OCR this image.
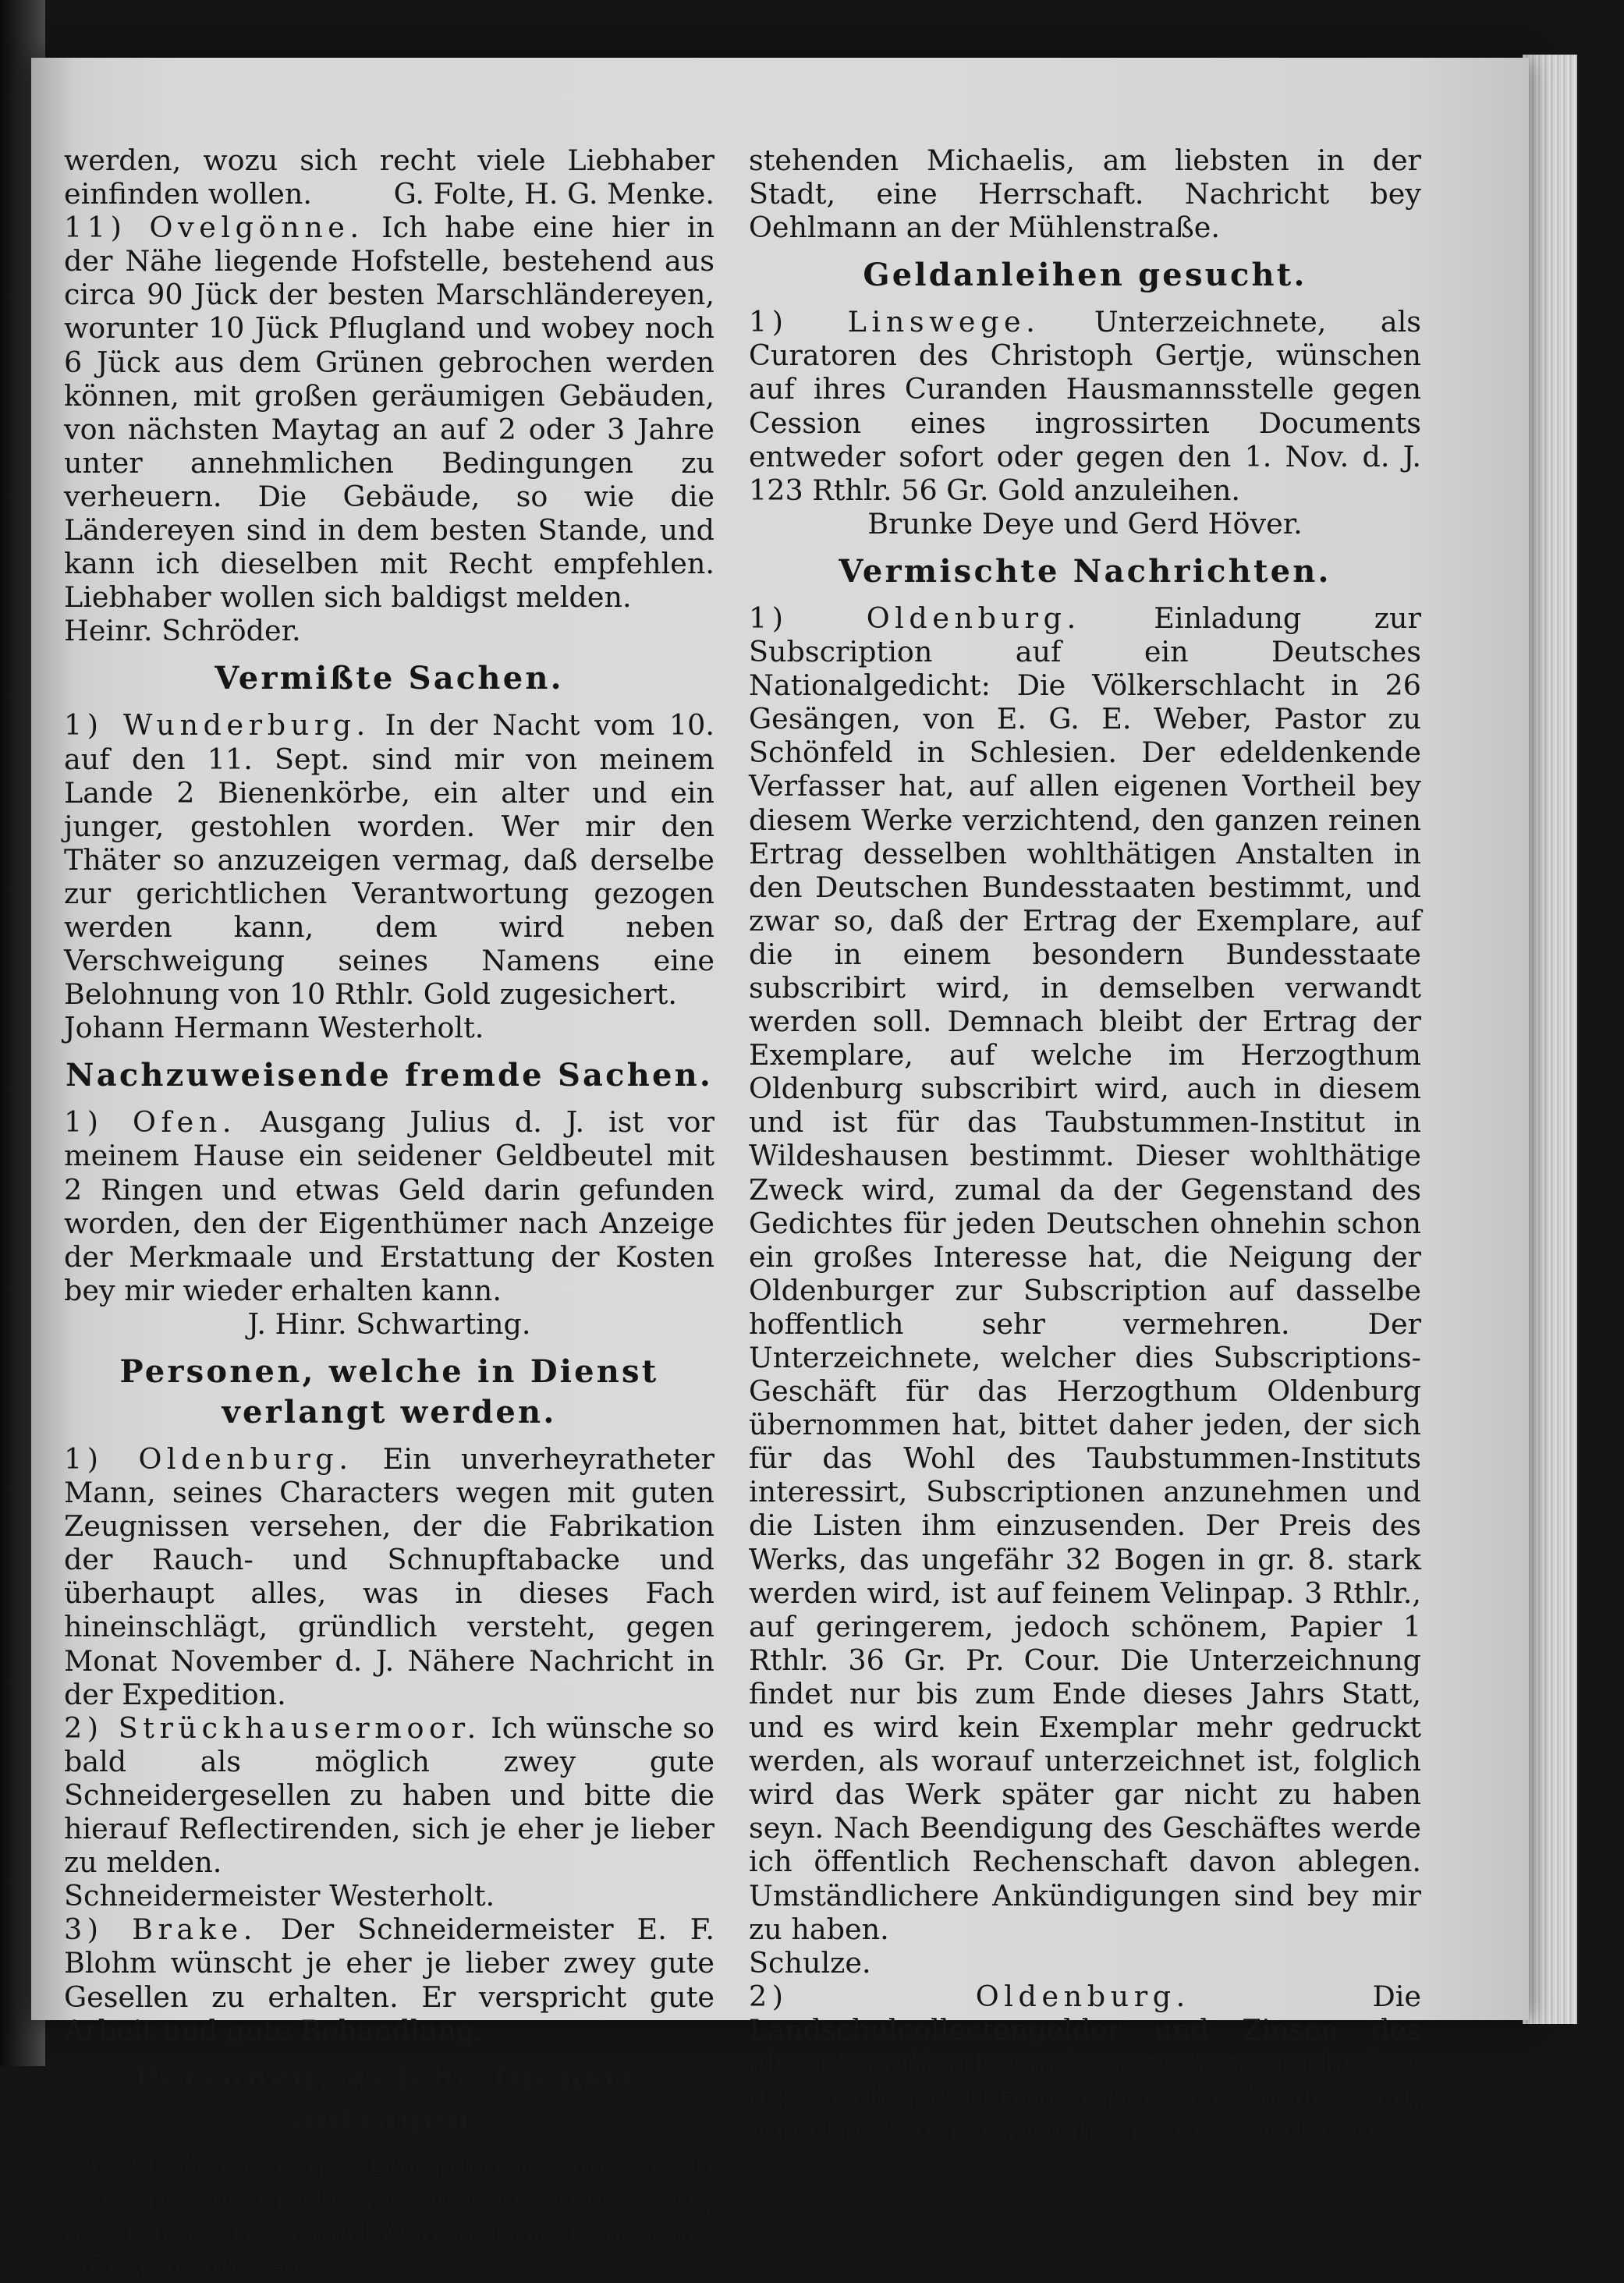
werden, wozu sich recht viele Liebhaber einfinden wollen.	G. Folte, H. G. Menke.

11) Ovelgönne. Ich habe eine hier in der Nähe liegende Hofstelle, bestehend aus circa 90 Jück der besten Marschländereyen, worunter 10 Jück Pflugland und wobey noch 6 Jück aus dem Grünen gebrochen werden können, mit großen geräumigen Gebäuden, von nächsten Maytag an auf 2 oder 3 Jahre unter annehmlichen Bedingungen zu verheuern. Die Gebäude, so wie die Ländereyen sind in dem besten Stande, und kann ich dieselben mit Recht empfehlen. Liebhaber wollen sich baldigst melden.

Heinr. Schröder.

Vermißte Sachen.

1) Wunderburg. In der Nacht vom 10. auf den 11. Sept. sind mir von meinem Lande 2 Bienenkörbe, ein alter und ein junger, gestohlen worden. Wer mir den Thäter so anzuzeigen vermag, daß derselbe zur gerichtlichen Verantwortung gezogen werden kann, dem wird neben Verschweigung seines Namens eine Belohnung von 10 Rthlr. Gold zugesichert.

Johann Hermann Westerholt.

Nachzuweisende fremde Sachen.

1) Ofen. Ausgang Julius d. J. ist vor meinem Hause ein seidener Geldbeutel mit 2 Ringen und etwas Geld darin gefunden worden, den der Eigenthümer nach Anzeige der Merkmaale und Erstattung der Kosten bey mir wieder erhalten kann.

J. Hinr. Schwarting.

Personen, welche in Dienst verlangt werden.

1) Oldenburg. Ein unverheyratheter Mann, seines Characters wegen mit guten Zeugnissen versehen, der die Fabrikation der Rauch- und Schnupftabacke und überhaupt alles, was in dieses Fach hineinschlägt, gründlich versteht, gegen Monat November d. J. Nähere Nachricht in der Expedition.

2) Strückhausermoor. Ich wünsche so bald als möglich zwey gute Schneidergesellen zu haben und bitte die hierauf Reflectirenden, sich je eher je lieber zu melden.

Schneidermeister Westerholt.

3) Brake. Der Schneidermeister E. F. Blohm wünscht je eher je lieber zwey gute Gesellen zu erhalten. Er verspricht gute Arbeit und gute Behandlung.

Personen, welche Dienste antragen.

1) Oldenburg. Ein junger, mit guten Zeugnissen versehener Mensch vom Lande, der mit Pferden und Wagen umgehen kann, wünscht auf bevor-

stehenden Michaelis, am liebsten in der Stadt, eine Herrschaft. Nachricht bey Oehlmann an der Mühlenstraße.

Geldanleihen gesucht.

1) Linswege. Unterzeichnete, als Curatoren des Christoph Gertje, wünschen auf ihres Curanden Hausmannsstelle gegen Cession eines ingrossirten Documents entweder sofort oder gegen den 1. Nov. d. J. 123 Rthlr. 56 Gr. Gold anzuleihen.

Brunke Deye und Gerd Höver.

Vermischte Nachrichten.

1) Oldenburg.	Einladung zur Subscription auf ein Deutsches Nationalgedicht: Die Völkerschlacht in 26 Gesängen, von E. G. E. Weber, Pastor zu Schönfeld in Schlesien. Der edeldenkende Verfasser hat, auf allen eigenen Vortheil bey diesem Werke verzichtend, den ganzen reinen Ertrag desselben wohlthätigen Anstalten in den Deutschen Bundesstaaten bestimmt, und zwar so, daß der Ertrag der Exemplare, auf die in einem besondern Bundesstaate subscribirt wird, in demselben verwandt werden soll. Demnach bleibt der Ertrag der Exemplare, auf welche im Herzogthum Oldenburg subscribirt wird, auch in diesem und ist für das Taubstummen-Institut in Wildeshausen bestimmt. Dieser wohlthätige Zweck wird, zumal da der Gegenstand des Gedichtes für jeden Deutschen ohnehin schon ein großes Interesse hat, die Neigung der Oldenburger zur Subscription auf dasselbe hoffentlich sehr vermehren. Der Unterzeichnete, welcher dies Subscriptions-Geschäft für das Herzogthum Oldenburg übernommen hat, bittet daher jeden, der sich für das Wohl des Taubstummen-Instituts interessirt, Subscriptionen anzunehmen und die Listen ihm einzusenden. Der Preis des Werks, das ungefähr 32 Bogen in gr. 8. stark werden wird, ist auf feinem Velinpap. 3 Rthlr., auf geringerem, jedoch schönem, Papier 1 Rthlr. 36 Gr. Pr. Cour. Die Unterzeichnung findet nur bis zum Ende dieses Jahrs Statt, und es wird kein Exemplar mehr gedruckt werden, als worauf unterzeichnet ist, folglich wird das Werk später gar nicht zu haben seyn. Nach Beendigung des Geschäftes werde ich öffentlich Rechenschaft davon ablegen. Umständlichere Ankündigungen sind bey mir zu haben.

Schulze.

2) Oldenburg.	Die Landschulcollectengelder und Zinsen des alten Schulfonds sind, so weit sie nicht bey der Kirchenvisitation schon ausgetheilet sind, von den Nebenschulhaltern auf erforderliche
